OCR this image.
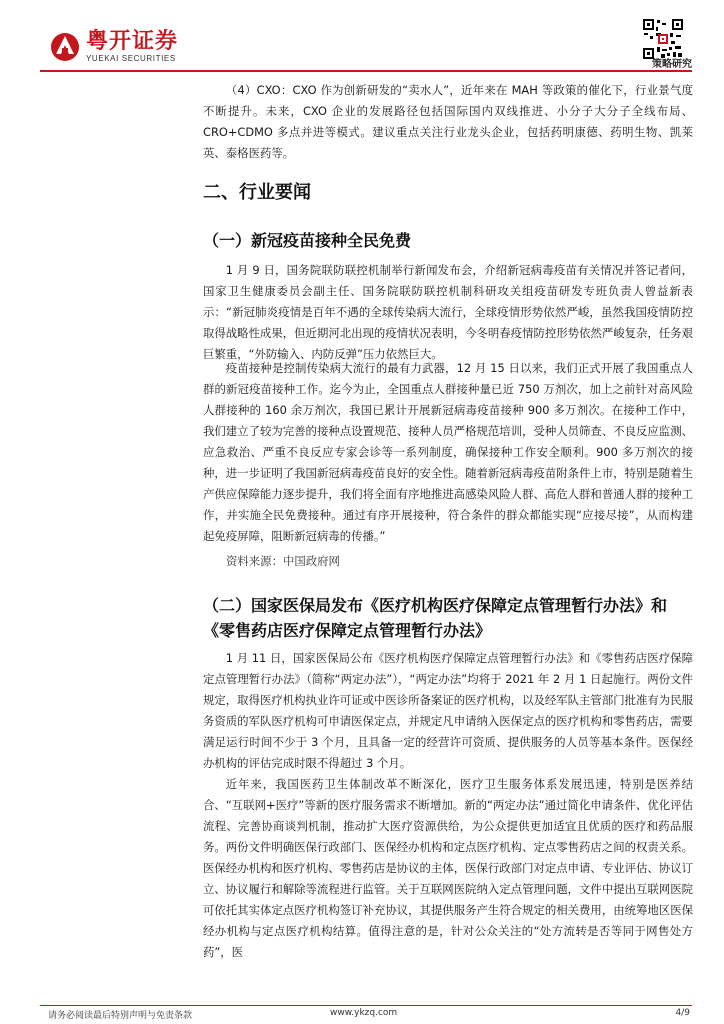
粤开证券
YUEKAI SECURITIES
策略研究
（4）CXO：CXO 作为创新研发的“卖水人”，近年来在 MAH 等政策的催化下，行业景气度不断提升。未来，CXO 企业的发展路径包括国际国内双线推进、小分子大分子全线布局、CRO+CDMO 多点并进等模式。建议重点关注行业龙头企业，包括药明康德、药明生物、凯莱英、泰格医药等。
二、行业要闻
（一）新冠疫苗接种全民免费
1 月 9 日，国务院联防联控机制举行新闻发布会，介绍新冠病毒疫苗有关情况并答记者问，国家卫生健康委员会副主任、国务院联防联控机制科研攻关组疫苗研发专班负责人曾益新表示：“新冠肺炎疫情是百年不遇的全球传染病大流行，全球疫情形势依然严峻，虽然我国疫情防控取得战略性成果，但近期河北出现的疫情状况表明，今冬明春疫情防控形势依然严峻复杂，任务艰巨繁重，“外防输入、内防反弹”压力依然巨大。
疫苗接种是控制传染病大流行的最有力武器，12 月 15 日以来，我们正式开展了我国重点人群的新冠疫苗接种工作。迄今为止，全国重点人群接种量已近 750 万剂次，加上之前针对高风险人群接种的 160 余万剂次，我国已累计开展新冠病毒疫苗接种 900 多万剂次。在接种工作中，我们建立了较为完善的接种点设置规范、接种人员严格规范培训，受种人员筛查、不良反应监测、应急救治、严重不良反应专家会诊等一系列制度，确保接种工作安全顺利。900 多万剂次的接种，进一步证明了我国新冠病毒疫苗良好的安全性。随着新冠病毒疫苗附条件上市，特别是随着生产供应保障能力逐步提升，我们将全面有序地推进高感染风险人群、高危人群和普通人群的接种工作，并实施全民免费接种。通过有序开展接种，符合条件的群众都能实现“应接尽接”，从而构建起免疫屏障，阻断新冠病毒的传播。”
资料来源：中国政府网
（二）国家医保局发布《医疗机构医疗保障定点管理暂行办法》和《零售药店医疗保障定点管理暂行办法》
1 月 11 日，国家医保局公布《医疗机构医疗保障定点管理暂行办法》和《零售药店医疗保障定点管理暂行办法》（简称“两定办法”），“两定办法”均将于 2021 年 2 月 1 日起施行。两份文件规定，取得医疗机构执业许可证或中医诊所备案证的医疗机构，以及经军队主管部门批准有为民服务资质的军队医疗机构可申请医保定点，并规定凡申请纳入医保定点的医疗机构和零售药店，需要满足运行时间不少于 3 个月，且具备一定的经营许可资质、提供服务的人员等基本条件。医保经办机构的评估完成时限不得超过 3 个月。
近年来，我国医药卫生体制改革不断深化，医疗卫生服务体系发展迅速，特别是医养结合、“互联网+医疗”等新的医疗服务需求不断增加。新的“两定办法”通过简化申请条件、优化评估流程、完善协商谈判机制，推动扩大医疗资源供给，为公众提供更加适宜且优质的医疗和药品服务。两份文件明确医保行政部门、医保经办机构和定点医疗机构、定点零售药店之间的权责关系。医保经办机构和医疗机构、零售药店是协议的主体，医保行政部门对定点申请、专业评估、协议订立、协议履行和解除等流程进行监管。关于互联网医院纳入定点管理问题，文件中提出互联网医院可依托其实体定点医疗机构签订补充协议，其提供服务产生符合规定的相关费用，由统筹地区医保经办机构与定点医疗机构结算。值得注意的是，针对公众关注的“处方流转是否等同于网售处方药”，医
请务必阅读最后特别声明与免责条款	www.ykzq.com	4/9
